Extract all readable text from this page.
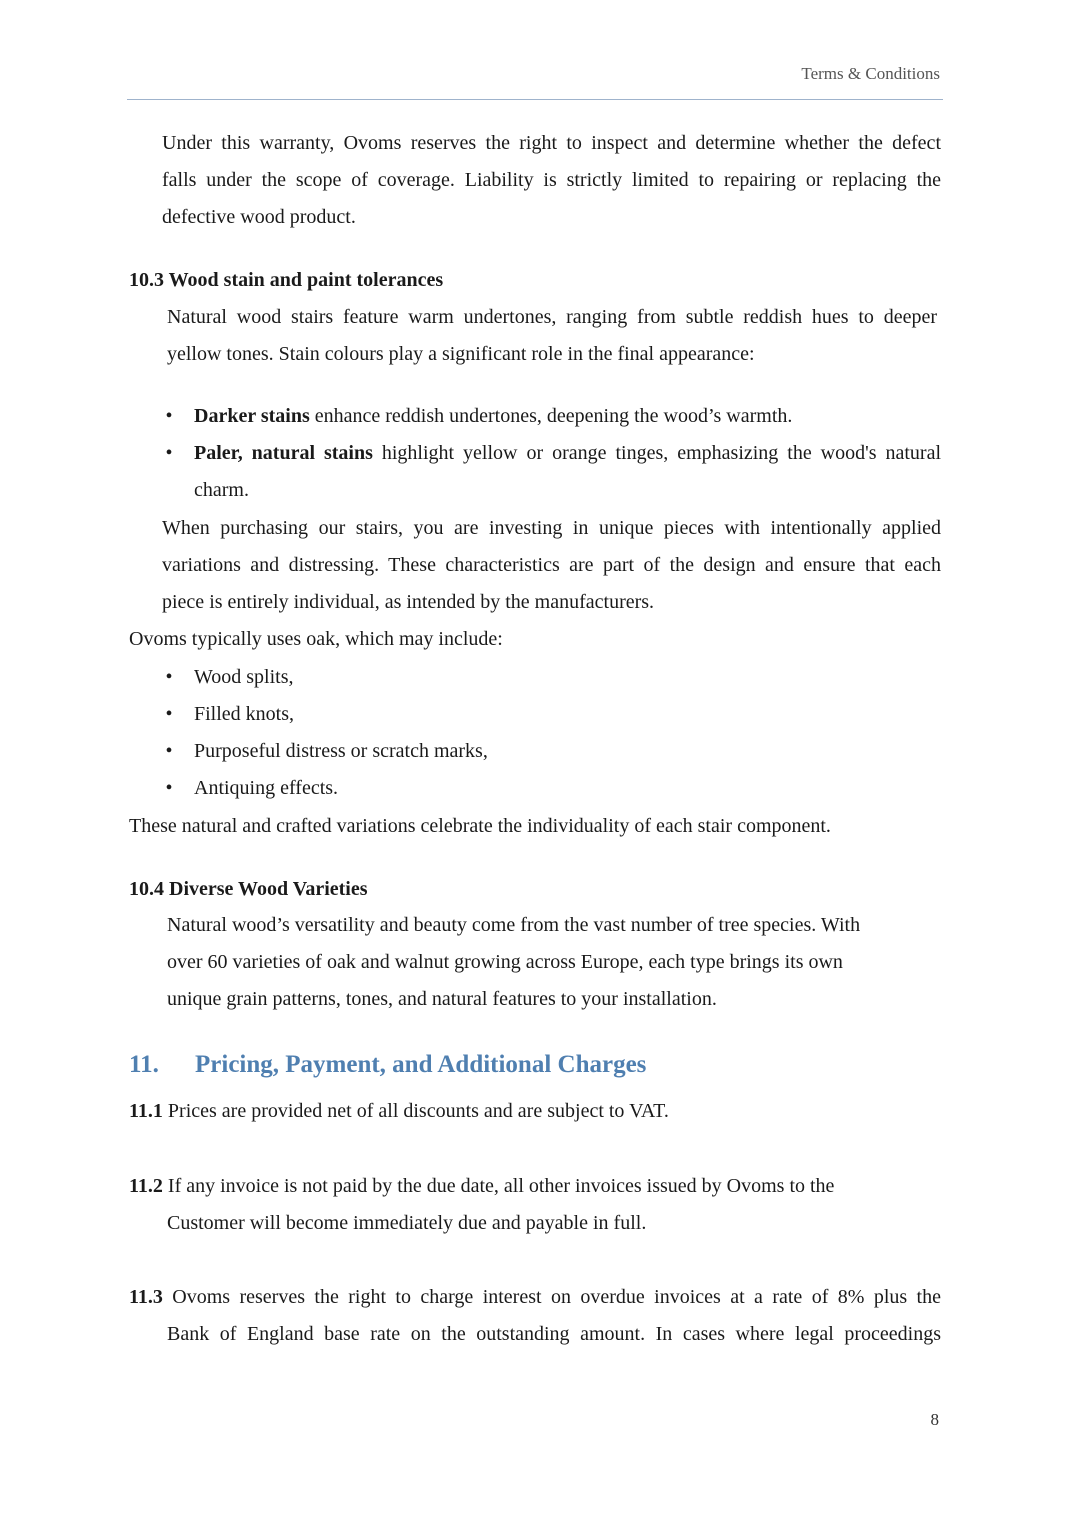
Terms & Conditions
Under this warranty, Ovoms reserves the right to inspect and determine whether the defect
falls under the scope of coverage. Liability is strictly limited to repairing or replacing the
defective wood product.
10.3 Wood stain and paint tolerances
Natural wood stairs feature warm undertones, ranging from subtle reddish hues to deeper
yellow tones. Stain colours play a significant role in the final appearance:
• Darker stains enhance reddish undertones, deepening the wood’s warmth.
• Paler, natural stains highlight yellow or orange tinges, emphasizing the wood's natural
charm.
When purchasing our stairs, you are investing in unique pieces with intentionally applied
variations and distressing. These characteristics are part of the design and ensure that each
piece is entirely individual, as intended by the manufacturers.
Ovoms typically uses oak, which may include:
• Wood splits,
• Filled knots,
• Purposeful distress or scratch marks,
• Antiquing effects.
These natural and crafted variations celebrate the individuality of each stair component.
10.4 Diverse Wood Varieties
Natural wood’s versatility and beauty come from the vast number of tree species. With
over 60 varieties of oak and walnut growing across Europe, each type brings its own
unique grain patterns, tones, and natural features to your installation.
11. Pricing, Payment, and Additional Charges
11.1 Prices are provided net of all discounts and are subject to VAT.
11.2 If any invoice is not paid by the due date, all other invoices issued by Ovoms to the
Customer will become immediately due and payable in full.
11.3 Ovoms reserves the right to charge interest on overdue invoices at a rate of 8% plus the
Bank of England base rate on the outstanding amount. In cases where legal proceedings
8
